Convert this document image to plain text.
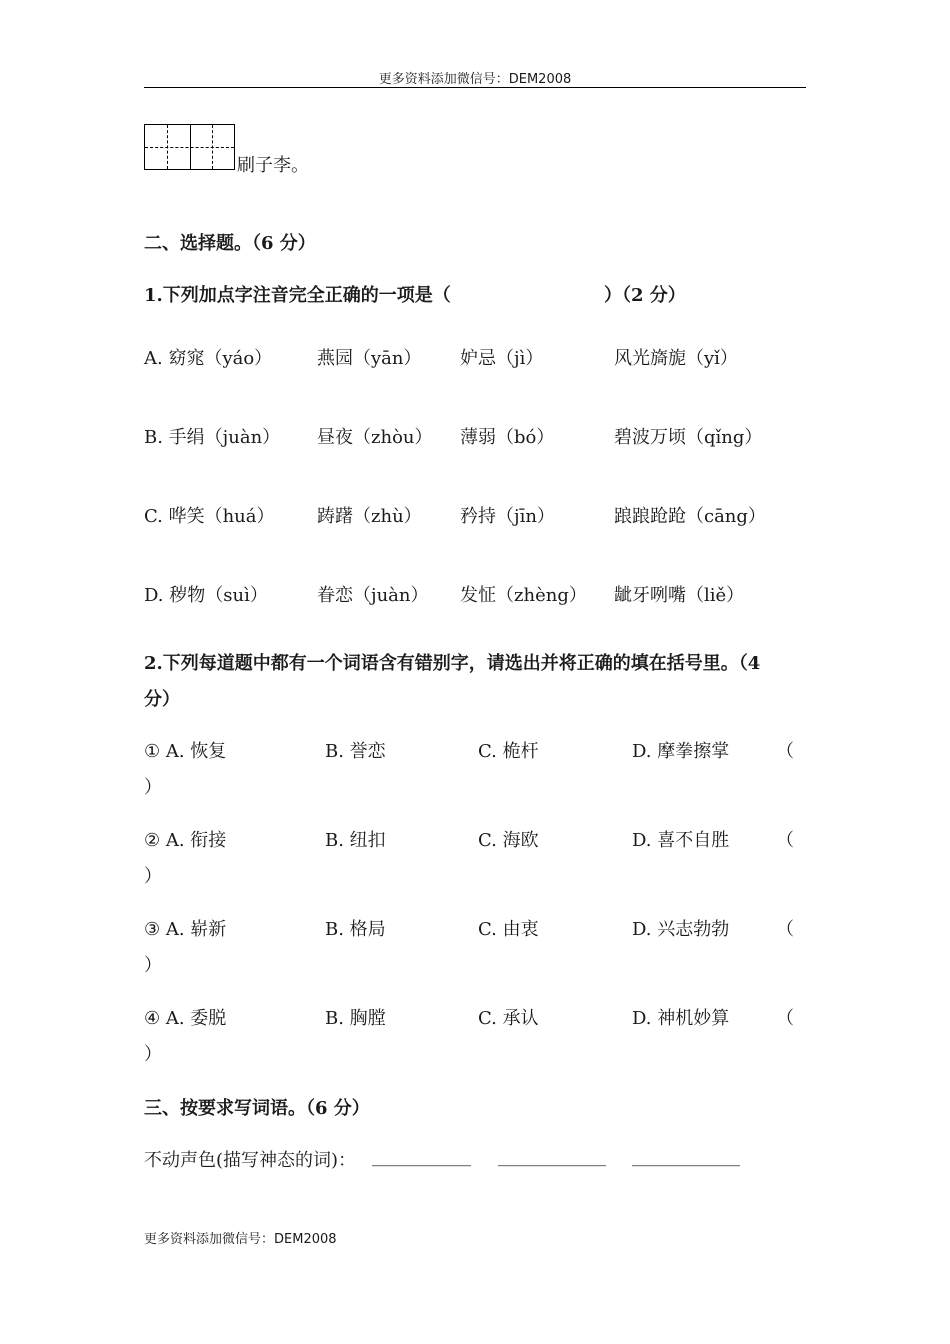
更多资料添加微信号：DEM2008
刷子李。
二、选择题。（6 分）
1.下列加点字注音完全正确的一项是（	）（2 分）
A. 窈窕（yáo） 燕园（yān） 妒忌（jì）	风光旖旎（yǐ）
B. 手绢（juàn） 昼夜（zhòu） 薄弱（bó）	碧波万顷（qǐng）
C. 哗笑（huá） 踌躇（zhù） 矜持（jīn）	踉踉跄跄（cāng）
D. 秽物（suì）	眷恋（juàn） 发怔（zhèng） 龇牙咧嘴（liě）
2.下列每道题中都有一个词语含有错别字，请选出并将正确的填在括号里。（4
分）
① A. 恢复	B. 誉恋	C. 桅杆	D. 摩拳擦掌	（
）
② A. 衔接	B. 纽扣	C. 海欧	D. 喜不自胜	（
）
③ A. 崭新	B. 格局	C. 由衷	D. 兴志勃勃	（
）
④ A. 委脱	B. 胸膛	C. 承认	D. 神机妙算	（
）
三、按要求写词语。（6 分）
不动声色(描写神态的词)： ___________ ____________ ____________
更多资料添加微信号：DEM2008
